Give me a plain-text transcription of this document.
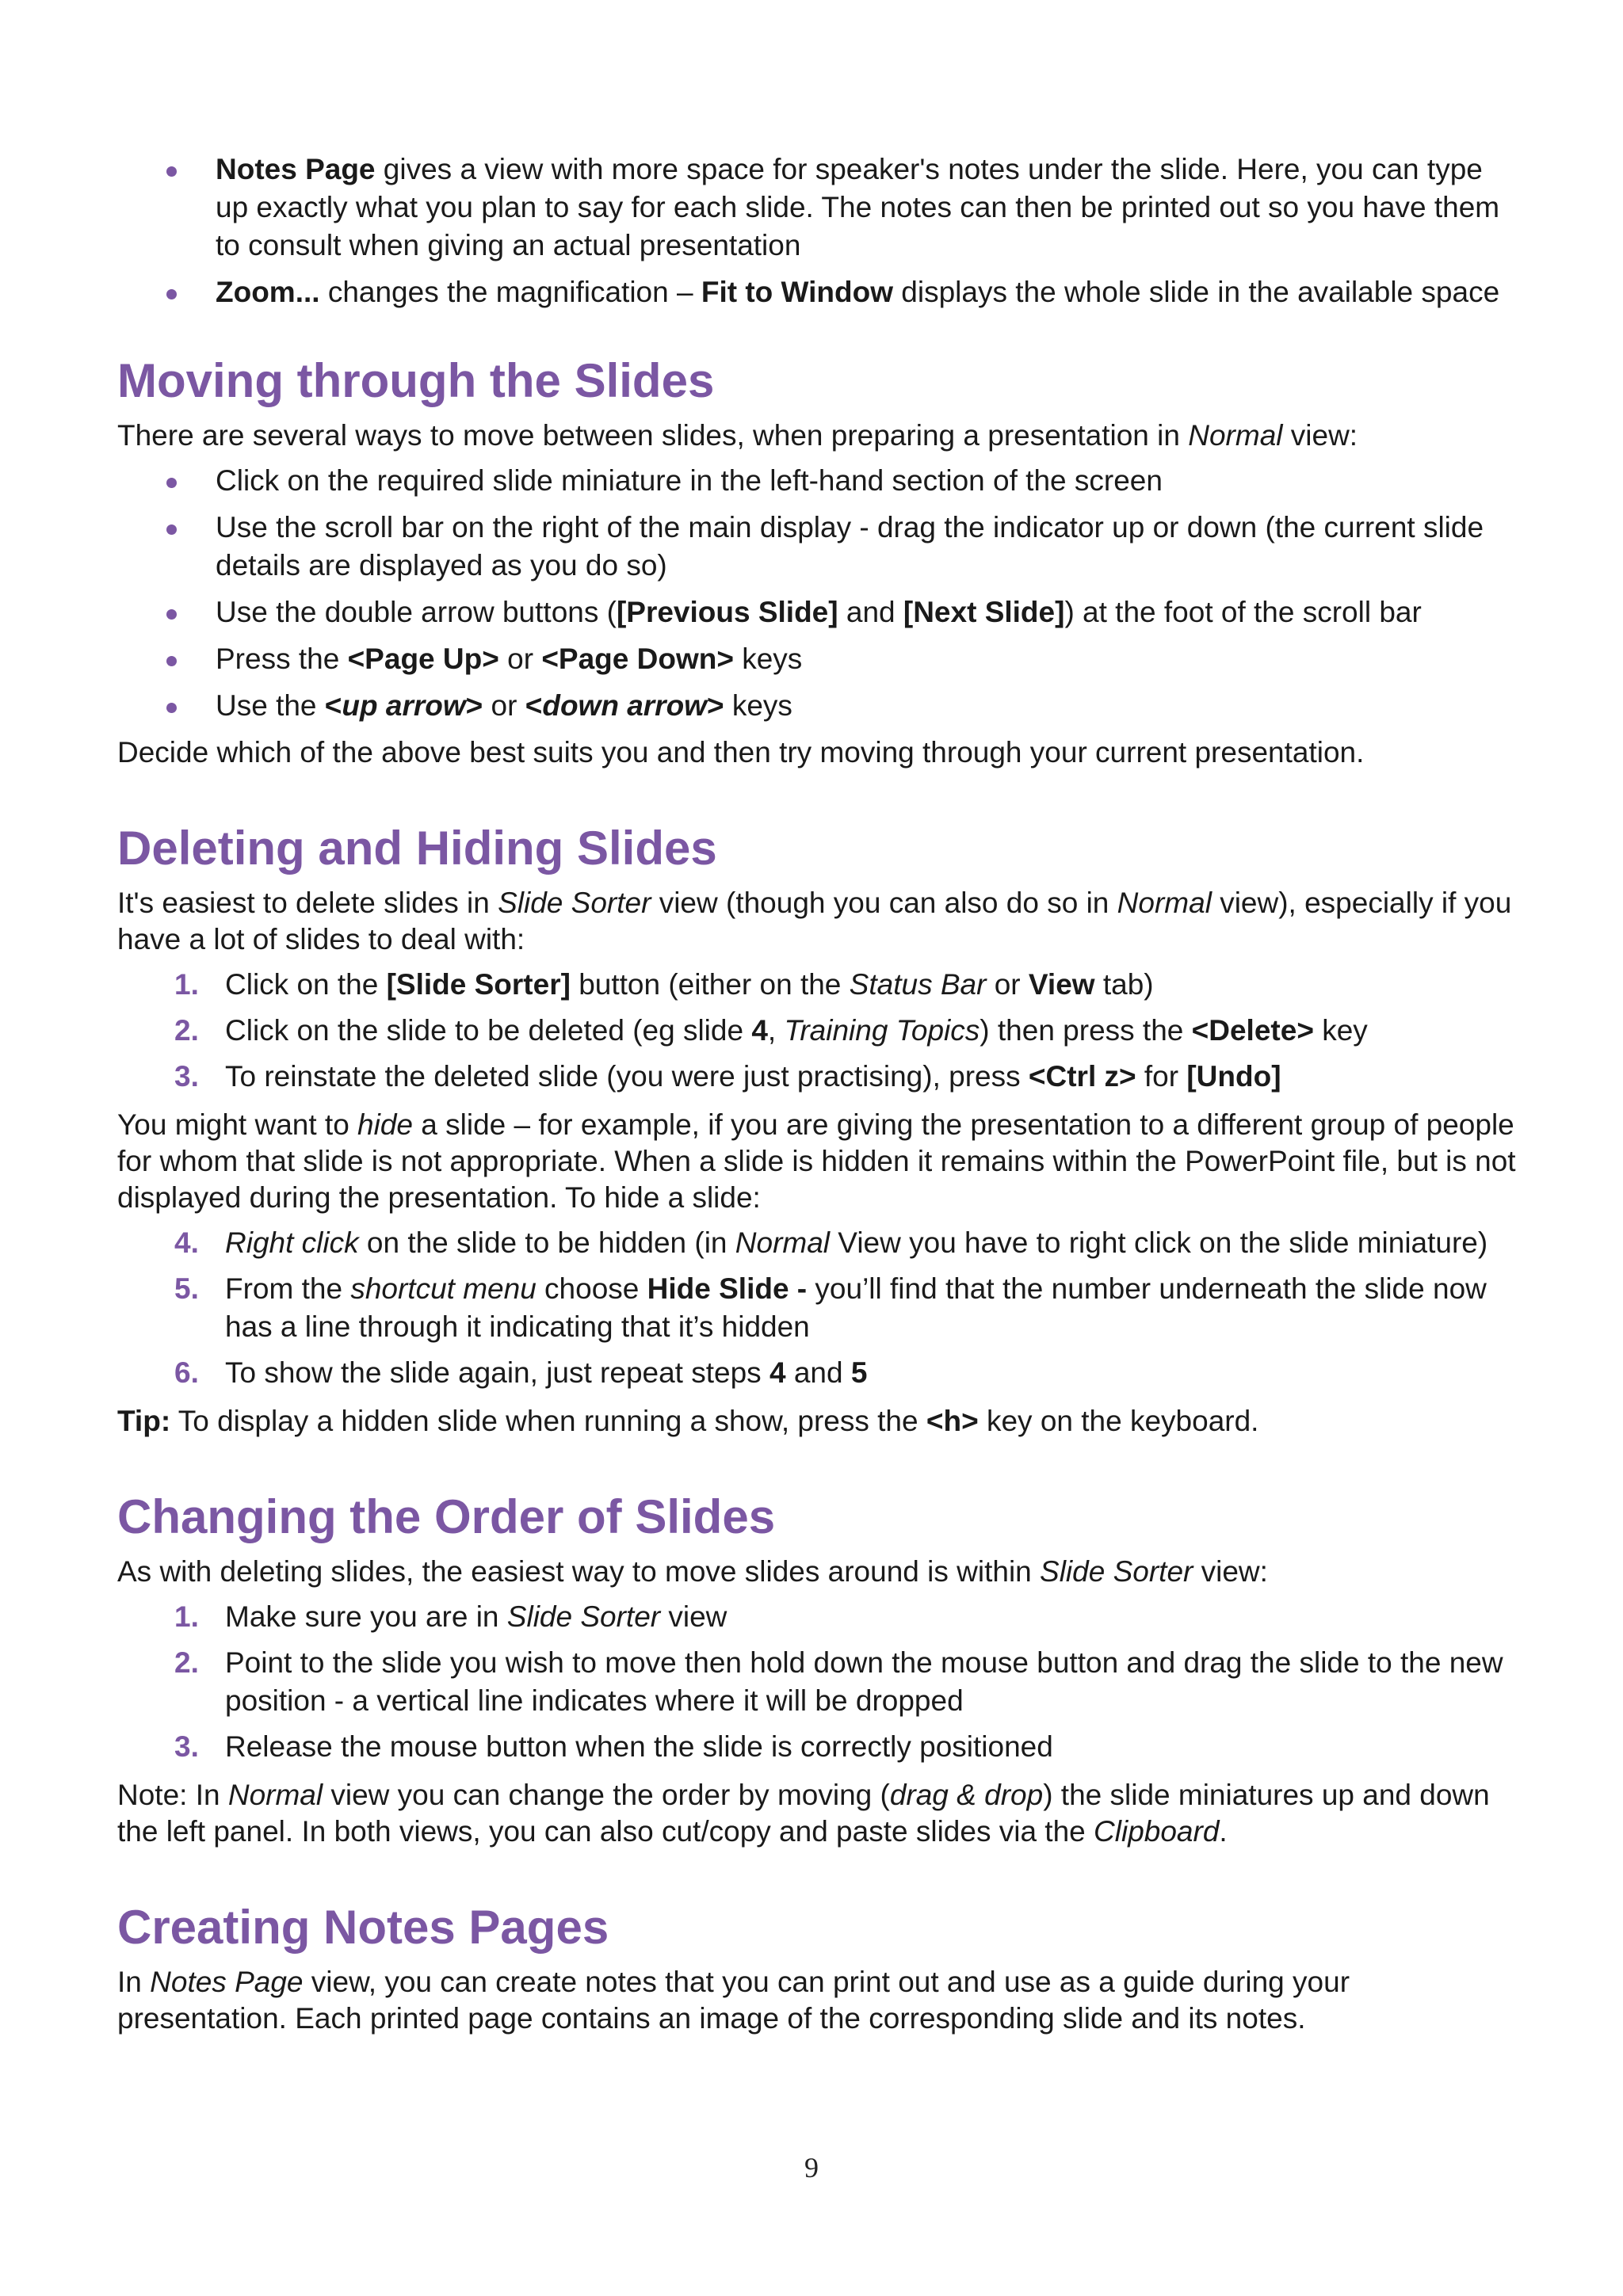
Notes Page gives a view with more space for speaker's notes under the slide. Here, you can type up exactly what you plan to say for each slide. The notes can then be printed out so you have them to consult when giving an actual presentation
Zoom... changes the magnification – Fit to Window displays the whole slide in the available space
Moving through the Slides

There are several ways to move between slides, when preparing a presentation in Normal view:

Click on the required slide miniature in the left-hand section of the screen
Use the scroll bar on the right of the main display - drag the indicator up or down (the current slide details are displayed as you do so)
Use the double arrow buttons ([Previous Slide] and [Next Slide]) at the foot of the scroll bar
Press the <Page Up> or <Page Down> keys
Use the <up arrow> or <down arrow> keys

Decide which of the above best suits you and then try moving through your current presentation.

Deleting and Hiding Slides

It's easiest to delete slides in Slide Sorter view (though you can also do so in Normal view), especially if you have a lot of slides to deal with:

1. Click on the [Slide Sorter] button (either on the Status Bar or View tab)
2. Click on the slide to be deleted (eg slide 4, Training Topics) then press the <Delete> key
3. To reinstate the deleted slide (you were just practising), press <Ctrl z> for [Undo]

You might want to hide a slide – for example, if you are giving the presentation to a different group of people for whom that slide is not appropriate. When a slide is hidden it remains within the PowerPoint file, but is not displayed during the presentation. To hide a slide:

4. Right click on the slide to be hidden (in Normal View you have to right click on the slide miniature)
5. From the shortcut menu choose Hide Slide - you’ll find that the number underneath the slide now has a line through it indicating that it’s hidden
6. To show the slide again, just repeat steps 4 and 5

Tip: To display a hidden slide when running a show, press the <h> key on the keyboard.

Changing the Order of Slides

As with deleting slides, the easiest way to move slides around is within Slide Sorter view:

1. Make sure you are in Slide Sorter view
2. Point to the slide you wish to move then hold down the mouse button and drag the slide to the new position - a vertical line indicates where it will be dropped
3. Release the mouse button when the slide is correctly positioned

Note: In Normal view you can change the order by moving (drag & drop) the slide miniatures up and down the left panel. In both views, you can also cut/copy and paste slides via the Clipboard.

Creating Notes Pages

In Notes Page view, you can create notes that you can print out and use as a guide during your presentation. Each printed page contains an image of the corresponding slide and its notes.

9
